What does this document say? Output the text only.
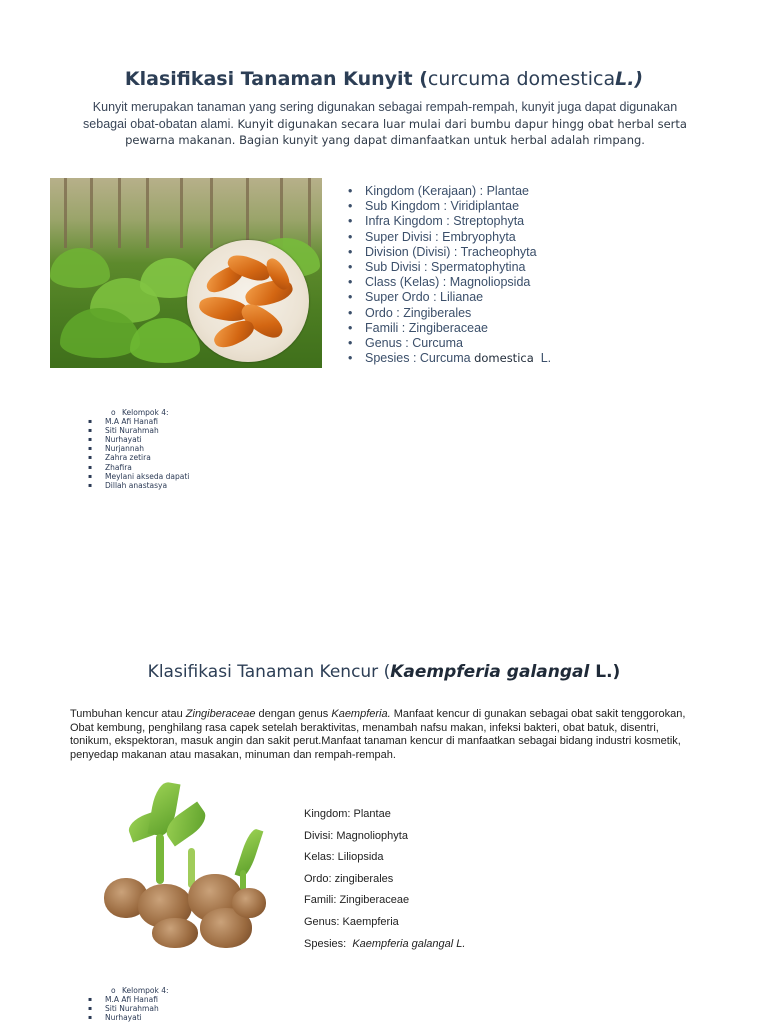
Klasifikasi Tanaman Kunyit (curcuma domesticaL.)
Kunyit merupakan tanaman yang sering digunakan sebagai rempah-rempah, kunyit juga dapat digunakan sebagai obat-obatan alami. Kunyit digunakan secara luar mulai dari bumbu dapur hingg obat herbal serta pewarna makanan. Bagian kunyit yang dapat dimanfaatkan untuk herbal adalah rimpang.
• Kingdom (Kerajaan) : Plantae
• Sub Kingdom : Viridiplantae
• Infra Kingdom : Streptophyta
• Super Divisi : Embryophyta
• Division (Divisi) : Tracheophyta
• Sub Divisi : Spermatophytina
• Class (Kelas) : Magnoliopsida
• Super Ordo : Lilianae
• Ordo : Zingiberales
• Famili : Zingiberaceae
• Genus : Curcuma
• Spesies : Curcuma domestica  L.
o Kelompok 4:
▪ M.A Afi Hanafi
▪ Siti Nurahmah
▪ Nurhayati
▪ Nurjannah
▪ Zahra zetira
▪ Zhafira
▪ Meylani akseda dapati
▪ Dillah anastasya
Klasifikasi Tanaman Kencur (Kaempferia galangal L.)
Tumbuhan kencur atau Zingiberaceae dengan genus Kaempferia. Manfaat kencur di gunakan sebagai obat sakit tenggorokan, Obat kembung, penghilang rasa capek setelah beraktivitas, menambah nafsu makan, infeksi bakteri, obat batuk, disentri, tonikum, ekspektoran, masuk angin dan sakit perut.Manfaat tanaman kencur di manfaatkan sebagai bidang industri kosmetik, penyedap makanan atau masakan, minuman dan rempah-rempah.
Kingdom: Plantae
Divisi: Magnoliophyta
Kelas: Liliopsida
Ordo: zingiberales
Famili: Zingiberaceae
Genus: Kaempferia
Spesies:  Kaempferia galangal L.
o Kelompok 4:
▪ M.A Afi Hanafi
▪ Siti Nurahmah
▪ Nurhayati
